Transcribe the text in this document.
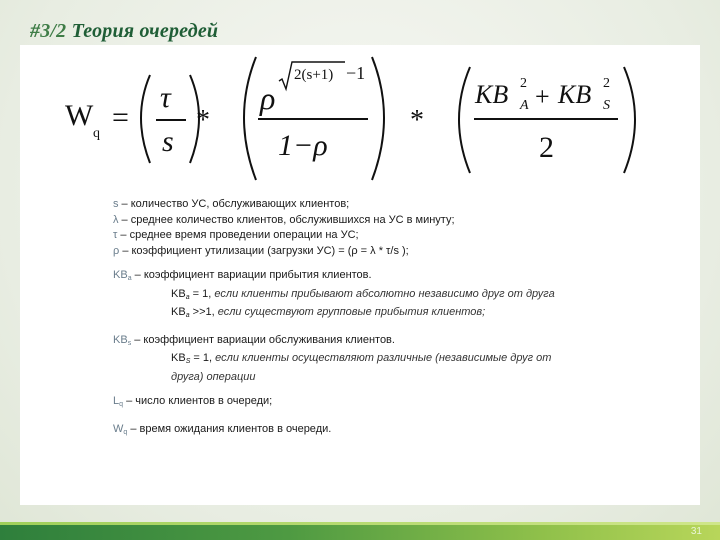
#3/2 Теория очередей
W
q =
τ
s
*
ρ
2(s+1) −1
1−ρ
*
KB 2
A + KB 2
S
2
s – количество УС, обслуживающих клиентов;
λ – среднее количество клиентов, обслужившихся на УС в минуту;
τ – среднее время проведении операции на УС;
ρ – коэффициент утилизации (загрузки УС) = (ρ = λ * τ/s );
$KB_a$ – коэффициент вариации прибытия клиентов.
$KB_a = 1$, если клиенты прибывают абсолютно независимо друг от друга
$KB_a >>1$, если существуют групповые прибытия клиентов;
$KB_s$ – коэффициент вариации обслуживания клиентов.
$KB_S = 1$, если клиенты осуществляют различные (независимые друг от
друга) операции
$L_q$ – число клиентов в очереди;
$W_q$ – время ожидания клиентов в очереди.
31
